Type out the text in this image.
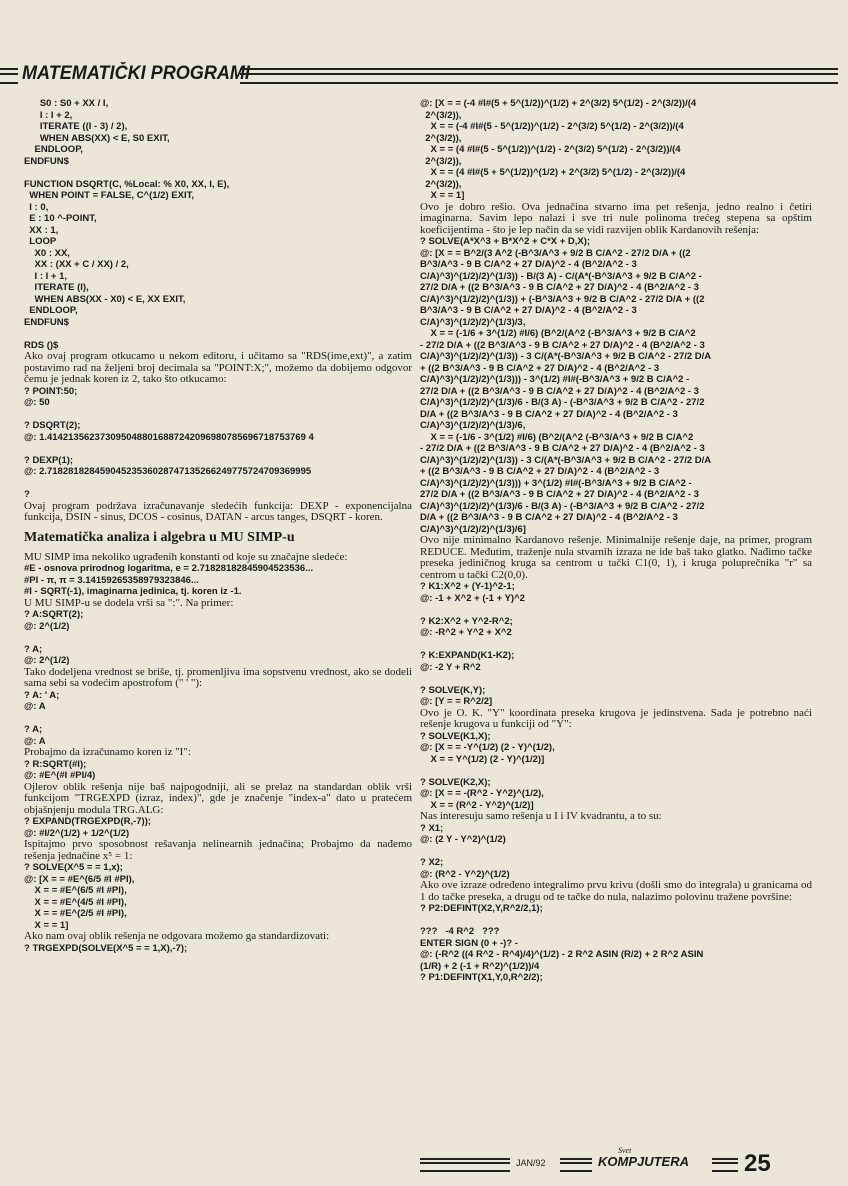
MATEMATIČKI PROGRAMI
S0 : S0 + XX / I,
I : I + 2,
ITERATE ((I - 3) / 2),
WHEN ABS(XX) < E, S0 EXIT,
ENDLOOP,
ENDFUN$
FUNCTION DSQRT(C, %Local: % X0, XX, I, E),
WHEN POINT = FALSE, C^(1/2) EXIT,
I : 0,
E : 10 ^-POINT,
XX : 1,
LOOP
X0 : XX,
XX : (XX + C / XX) / 2,
I : I + 1,
ITERATE (I),
WHEN ABS(XX - X0) < E, XX EXIT,
ENDLOOP,
ENDFUN$
RDS ()$
Ako ovaj program otkucamo u nekom editoru, i učitamo sa "RDS(ime,ext)", a zatim postavimo rad na željeni broj decimala sa "POINT:X;", možemo da dobijemo odgovor čemu je jednak koren iz 2, tako što otkucamo:
? POINT:50;
@: 50
? DSQRT(2);
@: 1.4142135623730950488016887242096980785696718753769 4
? DEXP(1);
@: 2.71828182845904523536028747135266249775724709369995
?
Ovaj program podržava izračunavanje sledećih funkcija: DEXP - exponencijalna funkcija, DSIN - sinus, DCOS - cosinus, DATAN - arcus tanges, DSQRT - koren.
Matematička analiza i algebra u MU SIMP-u
MU SIMP ima nekoliko ugrađenih konstanti od koje su značajne sledeće:
#E - osnova prirodnog logaritma, e = 2.71828182845904523536...
#PI - π, π = 3.14159265358979323846...
#I - SQRT(-1), imaginarna jedinica, tj. koren iz -1.
U MU SIMP-u se dodela vrši sa ":". Na primer:
? A:SQRT(2);
@: 2^(1/2)
? A;
@: 2^(1/2)
Tako dodeljena vrednost se briše, tj. promenljiva ima sopstvenu vrednost, ako se dodeli sama sebi sa vodećim apostrofom (" ' "):
? A: ' A;
@: A
? A;
@: A
Probajmo da izračunamo koren iz "I":
? R:SQRT(#I);
@: #E^(#I #PI/4)
Ojlerov oblik rešenja nije baš najpogodniji, ali se prelaz na standardan oblik vrši funkcijom "TRGEXPD (izraz, index)", gde je značenje "index-a" dato u pratećem objašnjenju modula TRG.ALG:
? EXPAND(TRGEXPD(R,-7));
@: #I/2^(1/2) + 1/2^(1/2)
Ispitajmo prvo sposobnost rešavanja nelinearnih jednačina; Probajmo da nađemo rešenja jednačine x⁵ = 1:
? SOLVE(X^5 = = 1,x);
@: [X = = #E^(6/5 #I #PI),
X = = #E^(6/5 #I #PI),
X = = #E^(4/5 #I #PI),
X = = #E^(2/5 #I #PI),
X = = 1]
Ako nam ovaj oblik rešenja ne odgovara možemo ga standardizovati:
? TRGEXPD(SOLVE(X^5 = = 1,X),-7);
@: [X = = (-4 #I#(5 + 5^(1/2))^(1/2) + 2^(3/2) 5^(1/2) - 2^(3/2))/(4
2^(3/2)),
X = = (-4 #I#(5 - 5^(1/2))^(1/2) - 2^(3/2) 5^(1/2) - 2^(3/2))/(4
2^(3/2)),
X = = (4 #I#(5 - 5^(1/2))^(1/2) - 2^(3/2) 5^(1/2) - 2^(3/2))/(4
2^(3/2)),
X = = (4 #I#(5 + 5^(1/2))^(1/2) + 2^(3/2) 5^(1/2) - 2^(3/2))/(4
2^(3/2)),
X = = 1]
Ovo je dobro rešio. Ova jednačina stvarno ima pet rešenja, jedno realno i četiri imaginarna. Savim lepo nalazi i sve tri nule polinoma trećeg stepena sa opštim koeficijentima - što je lep način da se vidi razvijen oblik Kardanovih rešenja:
? SOLVE(A*X^3 + B*X^2 + C*X + D,X);
@: [X = = B^2/(3 A^2 (-B^3/A^3 + 9/2 B C/A^2 - 27/2 D/A + ((2
B^3/A^3 - 9 B C/A^2 + 27 D/A)^2 - 4 (B^2/A^2 - 3
C/A)^3)^(1/2)/2)^(1/3)) - B/(3 A) - C/(A*(-B^3/A^3 + 9/2 B C/A^2 -
27/2 D/A + ((2 B^3/A^3 - 9 B C/A^2 + 27 D/A)^2 - 4 (B^2/A^2 - 3
C/A)^3)^(1/2)/2)^(1/3)) + (-B^3/A^3 + 9/2 B C/A^2 - 27/2 D/A + ((2
B^3/A^3 - 9 B C/A^2 + 27 D/A)^2 - 4 (B^2/A^2 - 3
C/A)^3)^(1/2)/2)^(1/3)/3,
X = = (-1/6 + 3^(1/2) #I/6) (B^2/(A^2 (-B^3/A^3 + 9/2 B C/A^2
- 27/2 D/A + ((2 B^3/A^3 - 9 B C/A^2 + 27 D/A)^2 - 4 (B^2/A^2 - 3
C/A)^3)^(1/2)/2)^(1/3)) - 3 C/(A*(-B^3/A^3 + 9/2 B C/A^2 - 27/2 D/A
+ ((2 B^3/A^3 - 9 B C/A^2 + 27 D/A)^2 - 4 (B^2/A^2 - 3
C/A)^3)^(1/2)/2)^(1/3))) - 3^(1/2) #I#(-B^3/A^3 + 9/2 B C/A^2 -
27/2 D/A + ((2 B^3/A^3 - 9 B C/A^2 + 27 D/A)^2 - 4 (B^2/A^2 - 3
C/A)^3)^(1/2)/2)^(1/3)/6 - B/(3 A) - (-B^3/A^3 + 9/2 B C/A^2 - 27/2
D/A + ((2 B^3/A^3 - 9 B C/A^2 + 27 D/A)^2 - 4 (B^2/A^2 - 3
C/A)^3)^(1/2)/2)^(1/3)/6,
X = = (-1/6 - 3^(1/2) #I/6) (B^2/(A^2 (-B^3/A^3 + 9/2 B C/A^2
- 27/2 D/A + ((2 B^3/A^3 - 9 B C/A^2 + 27 D/A)^2 - 4 (B^2/A^2 - 3
C/A)^3)^(1/2)/2)^(1/3)) - 3 C/(A*(-B^3/A^3 + 9/2 B C/A^2 - 27/2 D/A
+ ((2 B^3/A^3 - 9 B C/A^2 + 27 D/A)^2 - 4 (B^2/A^2 - 3
C/A)^3)^(1/2)/2)^(1/3))) + 3^(1/2) #I#(-B^3/A^3 + 9/2 B C/A^2 -
27/2 D/A + ((2 B^3/A^3 - 9 B C/A^2 + 27 D/A)^2 - 4 (B^2/A^2 - 3
C/A)^3)^(1/2)/2)^(1/3)/6 - B/(3 A) - (-B^3/A^3 + 9/2 B C/A^2 - 27/2
D/A + ((2 B^3/A^3 - 9 B C/A^2 + 27 D/A)^2 - 4 (B^2/A^2 - 3
C/A)^3)^(1/2)/2)^(1/3)/6]
Ovo nije minimalno Kardanovo rešenje. Minimalnije rešenje daje, na primer, program REDUCE. Međutim, traženje nula stvarnih izraza ne ide baš tako glatko. Nađimo tačke preseka jediničnog kruga sa centrom u tački C1(0, 1), i kruga poluprečnika "r" sa centrom u tački C2(0,0).
? K1:X^2 + (Y-1)^2-1;
@: -1 + X^2 + (-1 + Y)^2
? K2:X^2 + Y^2-R^2;
@: -R^2 + Y^2 + X^2
? K:EXPAND(K1-K2);
@: -2 Y + R^2
? SOLVE(K,Y);
@: [Y = = R^2/2]
Ovo je O. K. "Y" koordinata preseka krugova je jedinstvena. Sada je potrebno naći rešenje krugova u funkciji od "Y":
? SOLVE(K1,X);
@: [X = = -Y^(1/2) (2 - Y)^(1/2),
X = = Y^(1/2) (2 - Y)^(1/2)]
? SOLVE(K2,X);
@: [X = = -(R^2 - Y^2)^(1/2),
X = = (R^2 - Y^2)^(1/2)]
Nas interesuju samo rešenja u I i IV kvadrantu, a to su:
? X1;
@: (2 Y - Y^2)^(1/2)
? X2;
@: (R^2 - Y^2)^(1/2)
Ako ove izraze određeno integralimo prvu krivu (došli smo do integrala) u granicama od 1 do tačke preseka, a drugu od te tačke do nula, nalazimo polovinu tražene površine:
? P2:DEFINT(X2,Y,R^2/2,1);
???   -4 R^2   ???
ENTER SIGN (0 + -)? -
@: (-R^2 ((4 R^2 - R^4)/4)^(1/2) - 2 R^2 ASIN (R/2) + 2 R^2 ASIN
(1/R) + 2 (-1 + R^2)^(1/2))/4
? P1:DEFINT(X1,Y,0,R^2/2);
JAN/92
Svet
KOMPJUTERA 25
